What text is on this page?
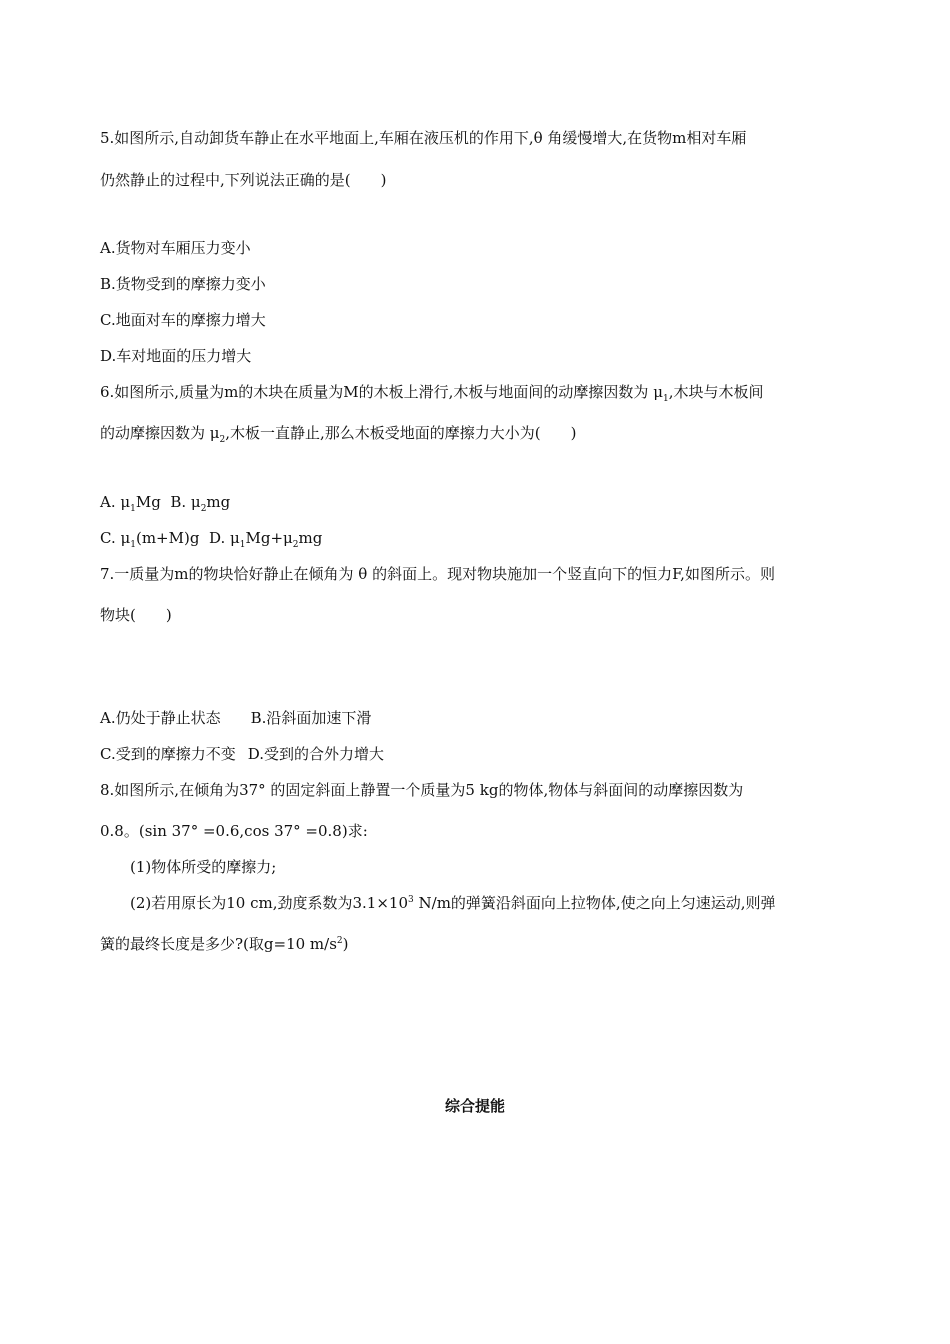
5.如图所示,自动卸货车静止在水平地面上,车厢在液压机的作用下,θ 角缓慢增大,在货物m相对车厢
仍然静止的过程中,下列说法正确的是(　　)
A.货物对车厢压力变小
B.货物受到的摩擦力变小
C.地面对车的摩擦力增大
D.车对地面的压力增大
6.如图所示,质量为m的木块在质量为M的木板上滑行,木板与地面间的动摩擦因数为 $\mu_1$,木块与木板间
的动摩擦因数为 $\mu_2$,木板一直静止,那么木板受地面的摩擦力大小为(　　)
A. $\mu_1Mg$ B. $\mu_2mg$
C. $\mu_1(m+M)g$ D. $\mu_1Mg+\mu_2mg$
7.一质量为m的物块恰好静止在倾角为 θ 的斜面上。现对物块施加一个竖直向下的恒力F,如图所示。则
物块(　　)
A.仍处于静止状态 B.沿斜面加速下滑
C.受到的摩擦力不变 D.受到的合外力增大
8.如图所示,在倾角为37° 的固定斜面上静置一个质量为5 kg的物体,物体与斜面间的动摩擦因数为
0.8。(sin 37° =0.6,cos 37° =0.8)求:
(1)物体所受的摩擦力;
(2)若用原长为10 cm,劲度系数为$3.1\times 10^3$ N/m的弹簧沿斜面向上拉物体,使之向上匀速运动,则弹
簧的最终长度是多少?(取g=10 $m/s^2$)
综合提能
